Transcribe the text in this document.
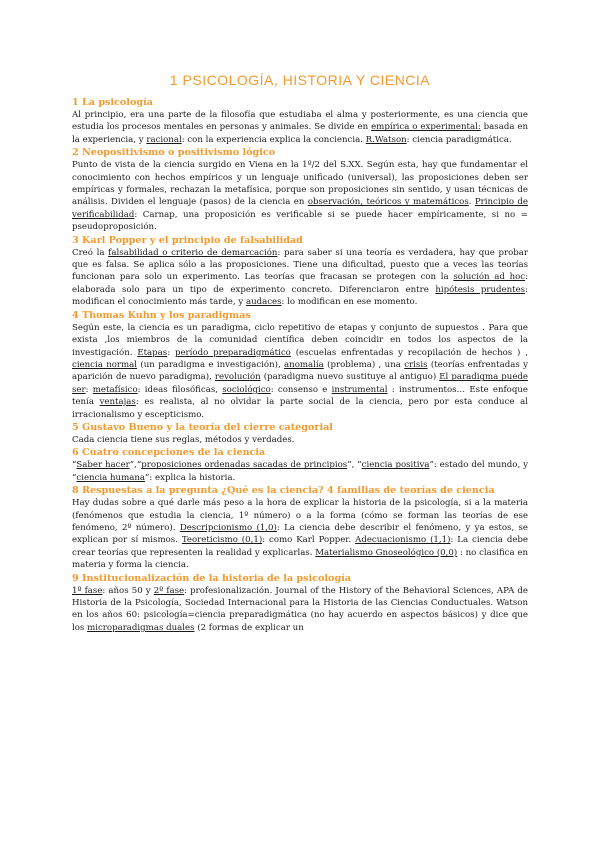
1 PSICOLOGÍA, HISTORIA Y CIENCIA
1 La psicología

Al principio, era una parte de la filosofía que estudiaba el alma y posteriormente, es una ciencia que estudia los procesos mentales en personas y animales. Se divide en empírica o experimental: basada en la experiencia, y racional: con la experiencia explica la conciencia. R.Watson: ciencia paradigmática.

2 Neopositivismo o positivismo lógico

Punto de vista de la ciencia surgido en Viena en la 1º/2 del S.XX. Según esta, hay que fundamentar el conocimiento con hechos empíricos y un lenguaje unificado (universal), las proposiciones deben ser empíricas y formales, rechazan la metafísica, porque son proposiciones sin sentido, y usan técnicas de análisis. Dividen el lenguaje (pasos) de la ciencia en observación, teóricos y matemáticos. Principio de verificabilidad: Carnap, una proposición es verificable si se puede hacer empíricamente, si no = pseudoproposición.

3 Karl Popper y el principio de falsabilidad

Creó la falsabilidad o criterio de demarcación: para saber si una teoría es verdadera, hay que probar que es falsa. Se aplica sólo a las proposiciones. Tiene una dificultad, puesto que a veces las teorías funcionan para solo un experimento. Las teorías que fracasan se protegen con la solución ad hoc: elaborada solo para un tipo de experimento concreto. Diferenciaron entre hipótesis prudentes: modifican el conocimiento más tarde, y audaces: lo modifican en ese momento.

4 Thomas Kuhn y los paradigmas

Según este, la ciencia es un paradigma, ciclo repetitivo de etapas y conjunto de supuestos . Para que exista ,los miembros de la comunidad científica deben coincidir en todos los aspectos de la investigación. Etapas: período preparadigmático (escuelas enfrentadas y recopilación de hechos ) , ciencia normal (un paradigma e investigación), anomalía (problema) , una crisis (teorías enfrentadas y aparición de nuevo paradigma), revolución (paradigma nuevo sustituye al antiguo) El paradigma puede ser: metafísico: ideas filosóficas, sociológico: consenso e instrumental : instrumentos… Este enfoque tenía ventajas: es realista, al no olvidar la parte social de la ciencia, pero por esta conduce al irracionalismo y escepticismo.

5 Gustavo Bueno y la teoría del cierre categorial

Cada ciencia tiene sus reglas, métodos y verdades.

6 Cuatro concepciones de la ciencia

“Saber hacer”,“proposiciones ordenadas sacadas de principios”, “ciencia positiva”: estado del mundo, y “ciencia humana”: explica la historia.

8 Respuestas a la pregunta ¿Qué es la ciencia? 4 familias de teorías de ciencia

Hay dudas sobre a qué darle más peso a la hora de explicar la historia de la psicología, si a la materia (fenómenos que estudia la ciencia, 1º número) o a la forma (cómo se forman las teorías de ese fenómeno, 2º número). Descripcionismo (1,0): La ciencia debe describir el fenómeno, y ya estos, se explican por sí mismos. Teoreticismo (0,1): como Karl Popper. Adecuacionismo (1,1): La ciencia debe crear teorías que representen la realidad y explicarlas. Materialismo Gnoseológico (0,0) : no clasifica en materia y forma la ciencia.

9 Institucionalización de la historia de la psicología

1º fase: años 50 y 2º fase: profesionalización. Journal of the History of the Behavioral Sciences, APA de Historia de la Psicología, Sociedad Internacional para la Historia de las Ciencias Conductuales. Watson en los años 60: psicología=ciencia preparadigmática (no hay acuerdo en aspectos básicos) y dice que los microparadigmas duales (2 formas de explicar un
